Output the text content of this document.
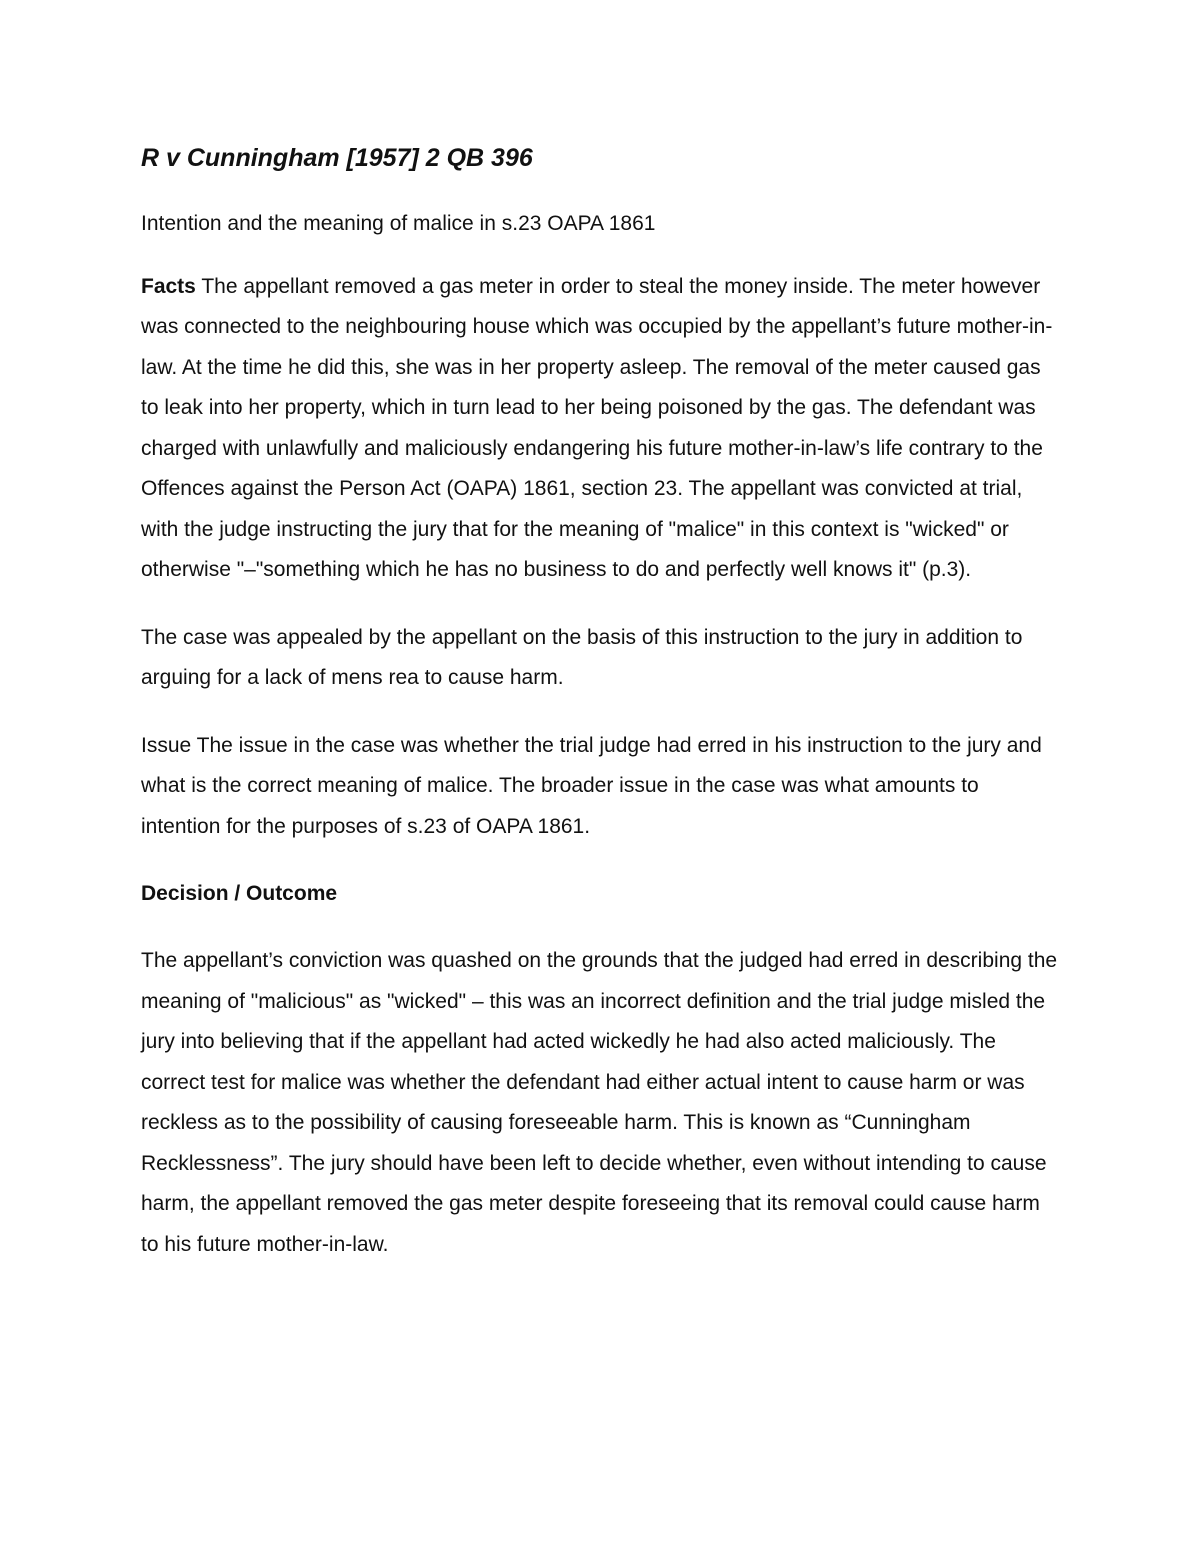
R v Cunningham [1957] 2 QB 396

Intention and the meaning of malice in s.23 OAPA 1861

Facts The appellant removed a gas meter in order to steal the money inside. The meter however was connected to the neighbouring house which was occupied by the appellant’s future mother-in-law. At the time he did this, she was in her property asleep. The removal of the meter caused gas to leak into her property, which in turn lead to her being poisoned by the gas. The defendant was charged with unlawfully and maliciously endangering his future mother-in-law’s life contrary to the Offences against the Person Act (OAPA) 1861, section 23. The appellant was convicted at trial, with the judge instructing the jury that for the meaning of "malice" in this context is "wicked" or otherwise "–"something which he has no business to do and perfectly well knows it" (p.3).

The case was appealed by the appellant on the basis of this instruction to the jury in addition to arguing for a lack of mens rea to cause harm.

Issue The issue in the case was whether the trial judge had erred in his instruction to the jury and what is the correct meaning of malice. The broader issue in the case was what amounts to intention for the purposes of s.23 of OAPA 1861.

Decision / Outcome

The appellant’s conviction was quashed on the grounds that the judged had erred in describing the meaning of "malicious" as "wicked" – this was an incorrect definition and the trial judge misled the jury into believing that if the appellant had acted wickedly he had also acted maliciously. The correct test for malice was whether the defendant had either actual intent to cause harm or was reckless as to the possibility of causing foreseeable harm. This is known as “Cunningham Recklessness”. The jury should have been left to decide whether, even without intending to cause harm, the appellant removed the gas meter despite foreseeing that its removal could cause harm to his future mother-in-law.
